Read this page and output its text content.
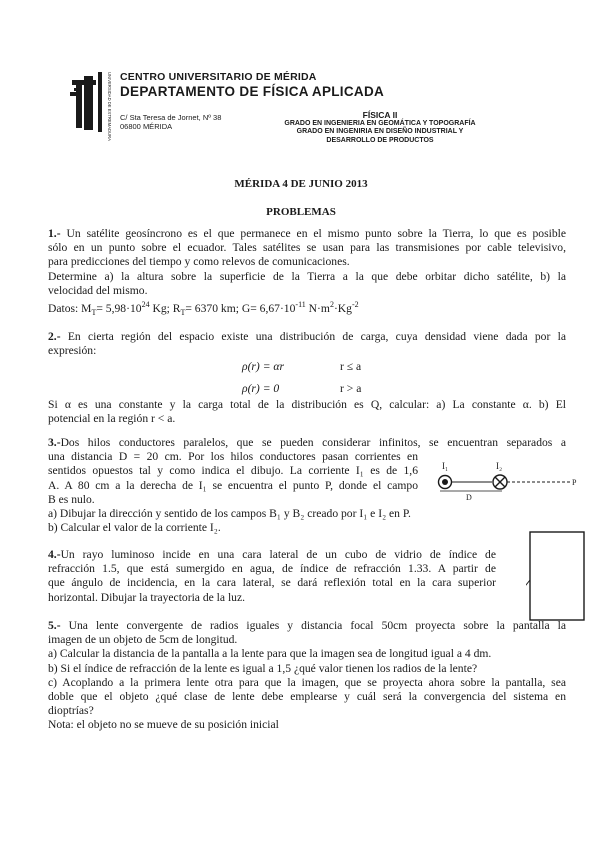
UNIVERSIDAD DE EXTREMADURA CENTRO UNIVERSITARIO DE MÉRIDA
DEPARTAMENTO DE FÍSICA APLICADA
C/ Sta Teresa de Jornet, Nº 38
06800 MÉRIDA
FÍSICA II
GRADO EN INGENIERIA EN GEOMÁTICA Y TOPOGRAFÍA
GRADO EN INGENIRIA EN DISEÑO INDUSTRIAL Y
DESARROLLO DE PRODUCTOS
MÉRIDA 4 DE JUNIO 2013
PROBLEMAS
1.- Un satélite geosíncrono es el que permanece en el mismo punto sobre la Tierra, lo que es posible
sólo en un punto sobre el ecuador. Tales satélites se usan para las transmisiones por cable televisivo,
para predicciones del tiempo y como relevos de comunicaciones.
Determine a) la altura sobre la superficie de la Tierra a la que debe orbitar dicho satélite, b) la
velocidad del mismo.
Datos: $M_T= 5,98\cdot 10^{24}$ Kg; $R_T= 6370$ km; $G= 6,67\cdot 10^{-11}$ $N\cdot m^2\cdot Kg^{-2}$
2.- En cierta región del espacio existe una distribución de carga, cuya densidad viene dada por la
expresión:
ρ(r) = αr	r ≤ a
ρ(r) = 0	r > a
Si α es una constante y la carga total de la distribución es Q, calcular: a) La constante α. b) El
potencial en la región r < a.
3.-Dos hilos conductores paralelos, que se pueden considerar infinitos, se encuentran separados a
una distancia D = 20 cm. Por los hilos conductores pasan corrientes en
sentidos opuestos tal y como indica el dibujo. La corriente I₁ es de 1,6
A. A 80 cm a la derecha de I₁ se encuentra el punto P, donde el campo
B es nulo.
a) Dibujar la dirección y sentido de los campos B₁ y B₂ creado por I₁ e I₂ en P.
b) Calcular el valor de la corriente I₂.
I₁	I₂
P
D
4.-Un rayo luminoso incide en una cara lateral de un cubo de vidrio de índice de
refracción 1.5, que está sumergido en agua, de índice de refracción 1.33. A partir de
que ángulo de incidencia, en la cara lateral, se dará reflexión total en la cara superior
horizontal. Dibujar la trayectoria de la luz.
5.- Una lente convergente de radios iguales y distancia focal 50cm proyecta sobre la pantalla la
imagen de un objeto de 5cm de longitud.
a) Calcular la distancia de la pantalla a la lente para que la imagen sea de longitud igual a 4 dm.
b) Si el índice de refracción de la lente es igual a 1,5 ¿qué valor tienen los radios de la lente?
c) Acoplando a la primera lente otra para que la imagen, que se proyecta ahora sobre la pantalla, sea
doble que el objeto ¿qué clase de lente debe emplearse y cuál será la convergencia del sistema en
dioptrías?
Nota: el objeto no se mueve de su posición inicial
